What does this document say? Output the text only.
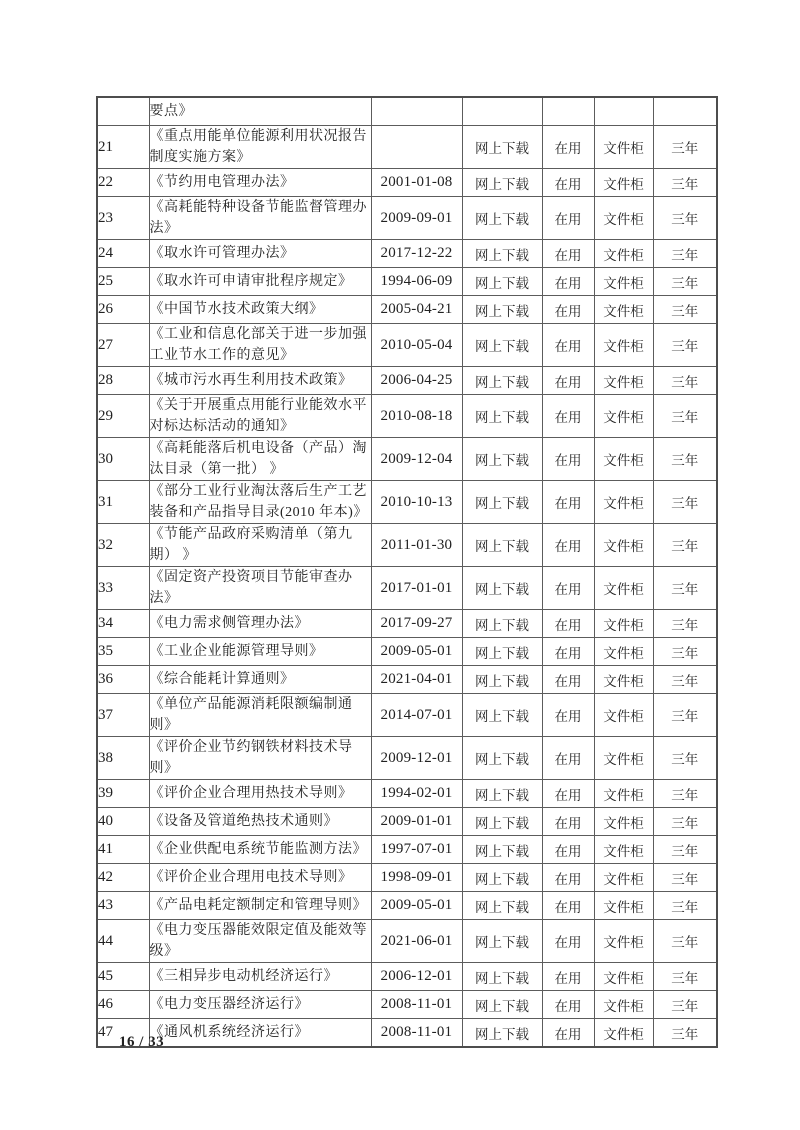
	要点》					
21	《重点用能单位能源利用状况报告制度实施方案》		网上下载	在用	文件柜	三年
22	《节约用电管理办法》	2001-01-08	网上下载	在用	文件柜	三年
23	《高耗能特种设备节能监督管理办法》	2009-09-01	网上下载	在用	文件柜	三年
24	《取水许可管理办法》	2017-12-22	网上下载	在用	文件柜	三年
25	《取水许可申请审批程序规定》	1994-06-09	网上下载	在用	文件柜	三年
26	《中国节水技术政策大纲》	2005-04-21	网上下载	在用	文件柜	三年
27	《工业和信息化部关于进一步加强工业节水工作的意见》	2010-05-04	网上下载	在用	文件柜	三年
28	《城市污水再生利用技术政策》	2006-04-25	网上下载	在用	文件柜	三年
29	《关于开展重点用能行业能效水平对标达标活动的通知》	2010-08-18	网上下载	在用	文件柜	三年
30	《高耗能落后机电设备（产品）淘汰目录（第一批） 》	2009-12-04	网上下载	在用	文件柜	三年
31	《部分工业行业淘汰落后生产工艺装备和产品指导目录(2010 年本)》	2010-10-13	网上下载	在用	文件柜	三年
32	《节能产品政府采购清单（第九期） 》	2011-01-30	网上下载	在用	文件柜	三年
33	《固定资产投资项目节能审查办法》	2017-01-01	网上下载	在用	文件柜	三年
34	《电力需求侧管理办法》	2017-09-27	网上下载	在用	文件柜	三年
35	《工业企业能源管理导则》	2009-05-01	网上下载	在用	文件柜	三年
36	《综合能耗计算通则》	2021-04-01	网上下载	在用	文件柜	三年
37	《单位产品能源消耗限额编制通则》	2014-07-01	网上下载	在用	文件柜	三年
38	《评价企业节约钢铁材料技术导则》	2009-12-01	网上下载	在用	文件柜	三年
39	《评价企业合理用热技术导则》	1994-02-01	网上下载	在用	文件柜	三年
40	《设备及管道绝热技术通则》	2009-01-01	网上下载	在用	文件柜	三年
41	《企业供配电系统节能监测方法》	1997-07-01	网上下载	在用	文件柜	三年
42	《评价企业合理用电技术导则》	1998-09-01	网上下载	在用	文件柜	三年
43	《产品电耗定额制定和管理导则》	2009-05-01	网上下载	在用	文件柜	三年
44	《电力变压器能效限定值及能效等级》	2021-06-01	网上下载	在用	文件柜	三年
45	《三相异步电动机经济运行》	2006-12-01	网上下载	在用	文件柜	三年
46	《电力变压器经济运行》	2008-11-01	网上下载	在用	文件柜	三年
47	《通风机系统经济运行》	2008-11-01	网上下载	在用	文件柜	三年
16 / 33
